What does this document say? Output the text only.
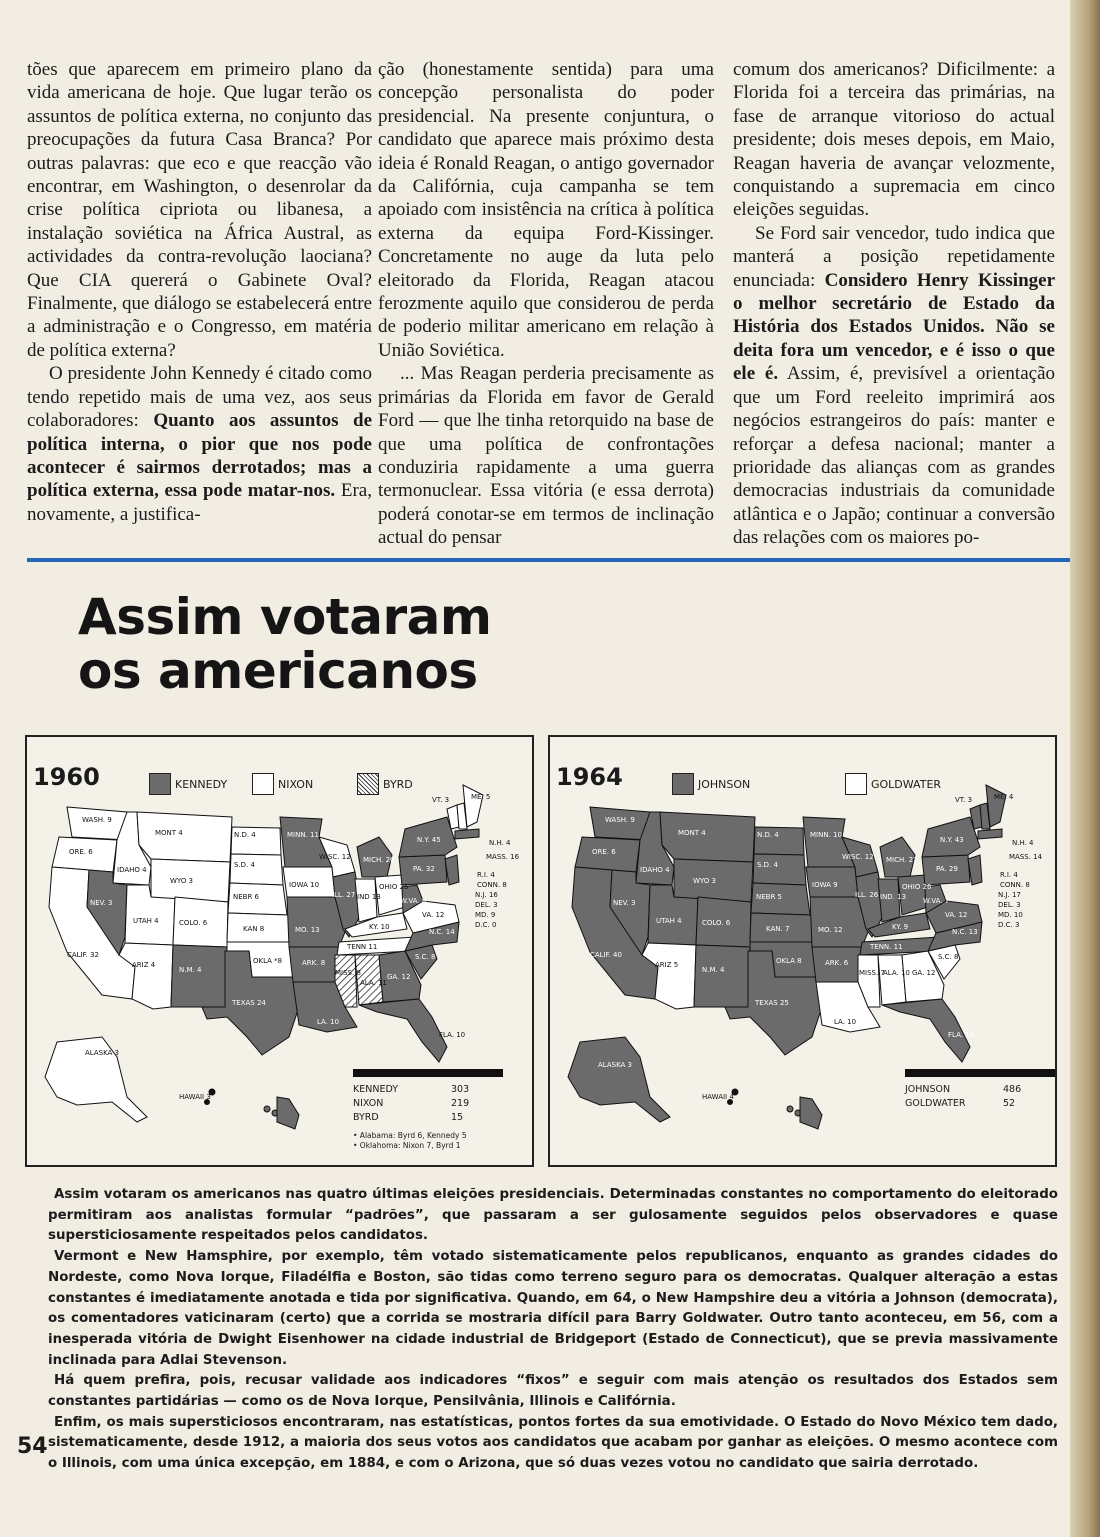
tões que aparecem em primeiro plano da vida americana de hoje. Que lugar terão os assuntos de política externa, no conjunto das preocupações da futura Casa Branca? Por outras palavras: que eco e que reacção vão encontrar, em Washington, o desenrolar da crise política cipriota ou libanesa, a instalação soviética na África Austral, as actividades da contra-revolução laociana? Que CIA quererá o Gabinete Oval? Finalmente, que diálogo se estabelecerá entre a administração e o Congresso, em matéria de política externa?

O presidente John Kennedy é citado como tendo repetido mais de uma vez, aos seus colaboradores: Quanto aos assuntos de política interna, o pior que nos pode acontecer é sairmos derrotados; mas a política externa, essa pode matar-nos. Era, novamente, a justifica-

ção (honestamente sentida) para uma concepção personalista do poder presidencial. Na presente conjuntura, o candidato que aparece mais próximo desta ideia é Ronald Reagan, o antigo governador da Califórnia, cuja campanha se tem apoiado com insistência na crítica à política externa da equipa Ford-Kissinger. Concretamente no auge da luta pelo eleitorado da Florida, Reagan atacou ferozmente aquilo que considerou de perda de poderio militar americano em relação à União Soviética.

... Mas Reagan perderia precisamente as primárias da Florida em favor de Gerald Ford — que lhe tinha retorquido na base de que uma política de confrontações conduziria rapidamente a uma guerra termonuclear. Essa vitória (e essa derrota) poderá conotar-se em termos de inclinação actual do pensar

comum dos americanos? Dificilmente: a Florida foi a terceira das primárias, na fase de arranque vitorioso do actual presidente; dois meses depois, em Maio, Reagan haveria de avançar velozmente, conquistando a supremacia em cinco eleições seguidas.

Se Ford sair vencedor, tudo indica que manterá a posição repetidamente enunciada: Considero Henry Kissinger o melhor secretário de Estado da História dos Estados Unidos. Não se deita fora um vencedor, e é isso o que ele é. Assim, é, previsível a orientação que um Ford reeleito imprimirá aos negócios estrangeiros do país: manter e reforçar a defesa nacional; manter a prioridade das alianças com as grandes democracias industriais da comunidade atlântica e o Japão; continuar a conversão das relações com os maiores po-

Assim votaram
os americanos
1960	KENNEDY	NIXON	BYRD
WASH. 9
ORE. 6
CALIF. 32
IDAHO 4
NEV. 3
UTAH 4
ARIZ 4
MONT 4
WYO 3
COLO. 6
N.M. 4
N.D. 4
S.D. 4
NEBR 6
KAN 8
OKLA *8
TEXAS 24
MINN. 11
IOWA 10
MO. 13
ARK. 8
LA. 10
WISC. 12
ILL. 27
MICH. 20
IND 13
OHIO 25
KY. 10
TENN 11
MISS. 8
ALA. 11
GA. 12
FLA. 10
S.C. 8
N.C. 14
VA. 12
W.VA. 8
PA. 32
N.Y. 45
VT. 3	ME. 5
N.H. 4
MASS. 16
R.I. 4
CONN. 8
N.J. 16
DEL. 3
MD. 9
D.C. 0
ALASKA 3
HAWAII 3
KENNEDY	303
NIXON	219
BYRD	15
• Alabama: Byrd 6, Kennedy 5
• Oklahoma: Nixon 7, Byrd 1
1964	JOHNSON	GOLDWATER
WASH. 9
ORE. 6
CALIF. 40
IDAHO 4
NEV. 3
UTAH 4
ARIZ 5
MONT 4
WYO 3
COLO. 6
N.M. 4
N.D. 4
S.D. 4
NEBR 5
KAN. 7
OKLA 8
TEXAS 25
MINN. 10
IOWA 9
MO. 12
ARK. 6
LA. 10
WISC. 12
ILL. 26
MICH. 21
IND. 13
OHIO 26
KY. 9
TENN. 11
MISS. 7
ALA. 10 GA. 12
FLA. 14
S.C. 8
N.C. 13
VA. 12
W.VA. 7
PA. 29
N.Y. 43
VT. 3	ME. 4
N.H. 4
MASS. 14
R.I. 4
CONN. 8
N.J. 17
DEL. 3
MD. 10
D.C. 3
ALASKA 3
HAWAII 4
JOHNSON	486
GOLDWATER	52

Assim votaram os americanos nas quatro últimas eleições presidenciais. Determinadas constantes no comportamento do eleitorado permitiram aos analistas formular “padrões”, que passaram a ser gulosamente seguidos pelos observadores e quase supersticiosamente respeitados pelos candidatos.

Vermont e New Hamsphire, por exemplo, têm votado sistematicamente pelos republicanos, enquanto as grandes cidades do Nordeste, como Nova Iorque, Filadélfia e Boston, são tidas como terreno seguro para os democratas. Qualquer alteração a estas constantes é imediatamente anotada e tida por significativa. Quando, em 64, o New Hampshire deu a vitória a Johnson (democrata), os comentadores vaticinaram (certo) que a corrida se mostraria difícil para Barry Goldwater. Outro tanto aconteceu, em 56, com a inesperada vitória de Dwight Eisenhower na cidade industrial de Bridgeport (Estado de Connecticut), que se previa massivamente inclinada para Adlai Stevenson.

Há quem prefira, pois, recusar validade aos indicadores “fixos” e seguir com mais atenção os resultados dos Estados sem constantes partidárias — como os de Nova Iorque, Pensilvânia, Illinois e Califórnia.

Enfim, os mais supersticiosos encontraram, nas estatísticas, pontos fortes da sua emotividade. O Estado do Novo México tem dado, sistematicamente, desde 1912, a maioria dos seus votos aos candidatos que acabam por ganhar as eleições. O mesmo acontece com o Illinois, com uma única excepção, em 1884, e com o Arizona, que só duas vezes votou no candidato que sairia derrotado.

54
